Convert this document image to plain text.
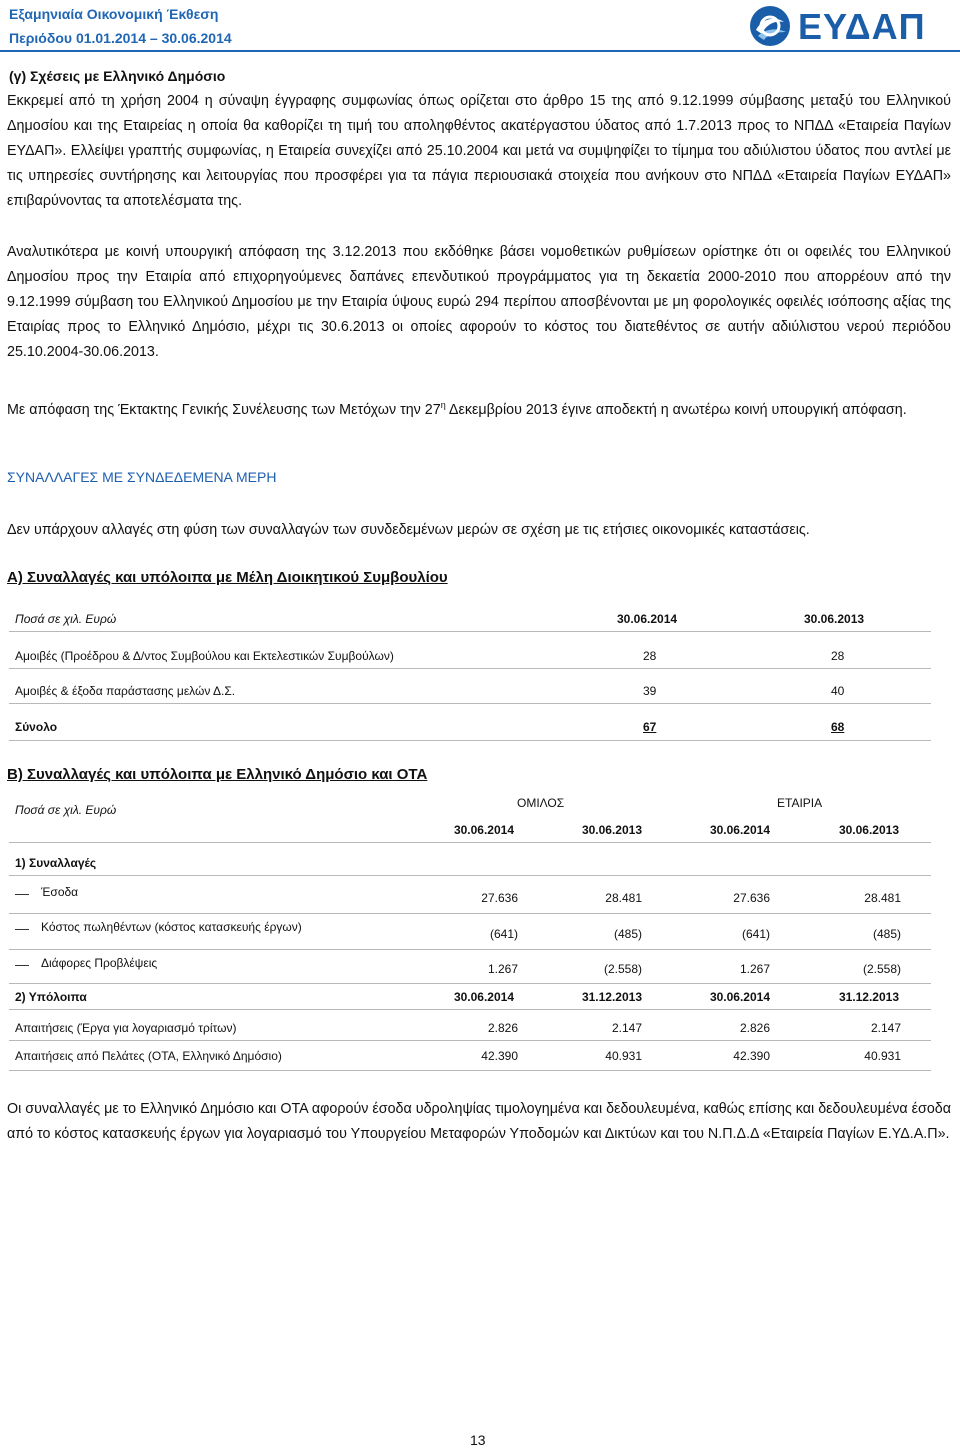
Εξαμηνιαία Οικονομική Έκθεση
Περιόδου 01.01.2014 – 30.06.2014	ΕΥΔΑΠ
(γ) Σχέσεις με Ελληνικό Δημόσιο
Εκκρεμεί από τη χρήση 2004 η σύναψη έγγραφης συμφωνίας όπως ορίζεται στο άρθρο 15 της από 9.12.1999 σύμβασης μεταξύ του Ελληνικού Δημοσίου και της Εταιρείας η οποία θα καθορίζει τη τιμή του αποληφθέντος ακατέργαστου ύδατος από 1.7.2013 προς το ΝΠΔΔ «Εταιρεία Παγίων ΕΥΔΑΠ». Ελλείψει γραπτής συμφωνίας, η Εταιρεία συνεχίζει από 25.10.2004 και μετά να συμψηφίζει το τίμημα του αδιύλιστου ύδατος που αντλεί με τις υπηρεσίες συντήρησης και λειτουργίας που προσφέρει για τα πάγια περιουσιακά στοιχεία που ανήκουν στο ΝΠΔΔ «Εταιρεία Παγίων ΕΥΔΑΠ» επιβαρύνοντας τα αποτελέσματα της.
Αναλυτικότερα με κοινή υπουργική απόφαση της 3.12.2013 που εκδόθηκε βάσει νομοθετικών ρυθμίσεων ορίστηκε ότι οι οφειλές του Ελληνικού Δημοσίου προς την Εταιρία από επιχορηγούμενες δαπάνες επενδυτικού προγράμματος για τη δεκαετία 2000-2010 που απορρέουν από την 9.12.1999 σύμβαση του Ελληνικού Δημοσίου με την Εταιρία ύψους ευρώ 294 περίπου αποσβένονται με μη φορολογικές οφειλές ισόποσης αξίας της Εταιρίας προς το Ελληνικό Δημόσιο, μέχρι τις 30.6.2013 οι οποίες αφορούν το κόστος του διατεθέντος σε αυτήν αδιύλιστου νερού περιόδου 25.10.2004-30.06.2013.
Με απόφαση της Έκτακτης Γενικής Συνέλευσης των Μετόχων την $27^\eta$ Δεκεμβρίου 2013 έγινε αποδεκτή η ανωτέρω κοινή υπουργική απόφαση.
ΣΥΝΑΛΛΑΓΕΣ ΜΕ ΣΥΝΔΕΔΕΜΕΝΑ ΜΕΡΗ
Δεν υπάρχουν αλλαγές στη φύση των συναλλαγών των συνδεδεμένων μερών σε σχέση με τις ετήσιες οικονομικές καταστάσεις.
Α) Συναλλαγές και υπόλοιπα με Μέλη Διοικητικού Συμβουλίου
Ποσά σε χιλ. Ευρώ	30.06.2014	30.06.2013
Αμοιβές (Προέδρου & Δ/ντος Συμβούλου και Εκτελεστικών Συμβούλων)	28	28
Αμοιβές & έξοδα παράστασης μελών Δ.Σ.	39	40
Σύνολο	67	68
Β) Συναλλαγές και υπόλοιπα με Ελληνικό Δημόσιο και ΟΤΑ
Ποσά σε χιλ. Ευρώ	ΟΜΙΛΟΣ	ΕΤΑΙΡΙΑ
30.06.2014	30.06.2013	30.06.2014	30.06.2013
1) Συναλλαγές
Έσοδα	27.636	28.481	27.636	28.481
Κόστος πωληθέντων (κόστος κατασκευής έργων)	(641)	(485)	(641)	(485)
Διάφορες Προβλέψεις	1.267	(2.558)	1.267	(2.558)
2) Υπόλοιπα	30.06.2014	31.12.2013	30.06.2014	31.12.2013
Απαιτήσεις (Έργα για λογαριασμό τρίτων)	2.826	2.147	2.826	2.147
Απαιτήσεις από Πελάτες (ΟΤΑ, Ελληνικό Δημόσιο)	42.390	40.931	42.390	40.931
Οι συναλλαγές με το Ελληνικό Δημόσιο και ΟΤΑ αφορούν έσοδα υδροληψίας τιμολογημένα και δεδουλευμένα, καθώς επίσης και δεδουλευμένα έσοδα από το κόστος κατασκευής έργων για λογαριασμό του Υπουργείου Μεταφορών Υποδομών και Δικτύων και του Ν.Π.Δ.Δ «Εταιρεία Παγίων Ε.ΥΔ.Α.Π».
13
